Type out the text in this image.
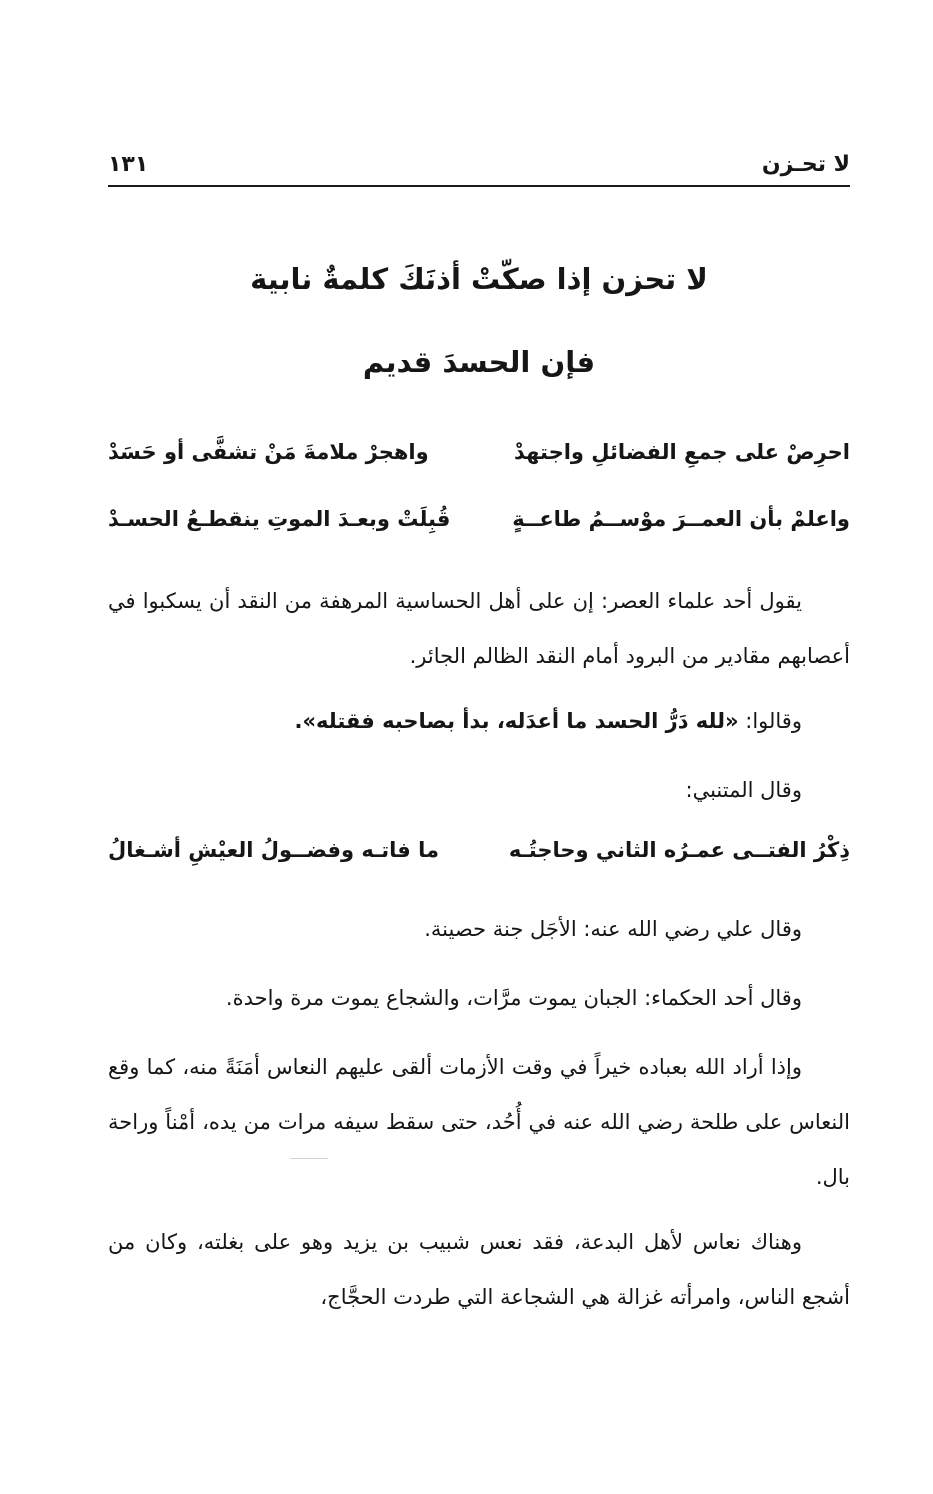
لا تحـزن
١٣١
لا تحزن إذا صكّتْ أذنَكَ كلمةٌ نابية
فإن الحسدَ قديم
احرِصْ على جمعِ الفضائلِ واجتهدْ
واهجرْ ملامةَ مَنْ تشفَّى أو حَسَدْ
واعلمْ بأن العمــرَ موْســمُ طاعــةٍ
قُبِلَتْ وبعـدَ الموتِ ينقطـعُ الحسـدْ

يقول أحد علماء العصر: إن على أهل الحساسية المرهفة من النقد أن يسكبوا في أعصابهم مقادير من البرود أمام النقد الظالم الجائر.

وقالوا: «لله دَرُّ الحسد ما أعدَله، بدأ بصاحبه فقتله».

وقال المتنبي:

ذِكْرُ الفتــى عمـرُه الثاني وحاجتُـه
ما فاتـه وفضــولُ العيْشِ أشـغالُ

وقال علي رضي الله عنه: الأجَل جنة حصينة.

وقال أحد الحكماء: الجبان يموت مرَّات، والشجاع يموت مرة واحدة.

وإذا أراد الله بعباده خيراً في وقت الأزمات ألقى عليهم النعاس أمَنَةً منه، كما وقع النعاس على طلحة رضي الله عنه في أُحُد، حتى سقط سيفه مرات من يده، أمْناً وراحة بال.

وهناك نعاس لأهل البدعة، فقد نعس شبيب بن يزيد وهو على بغلته، وكان من أشجع الناس، وامرأته غزالة هي الشجاعة التي طردت الحجَّاج،
